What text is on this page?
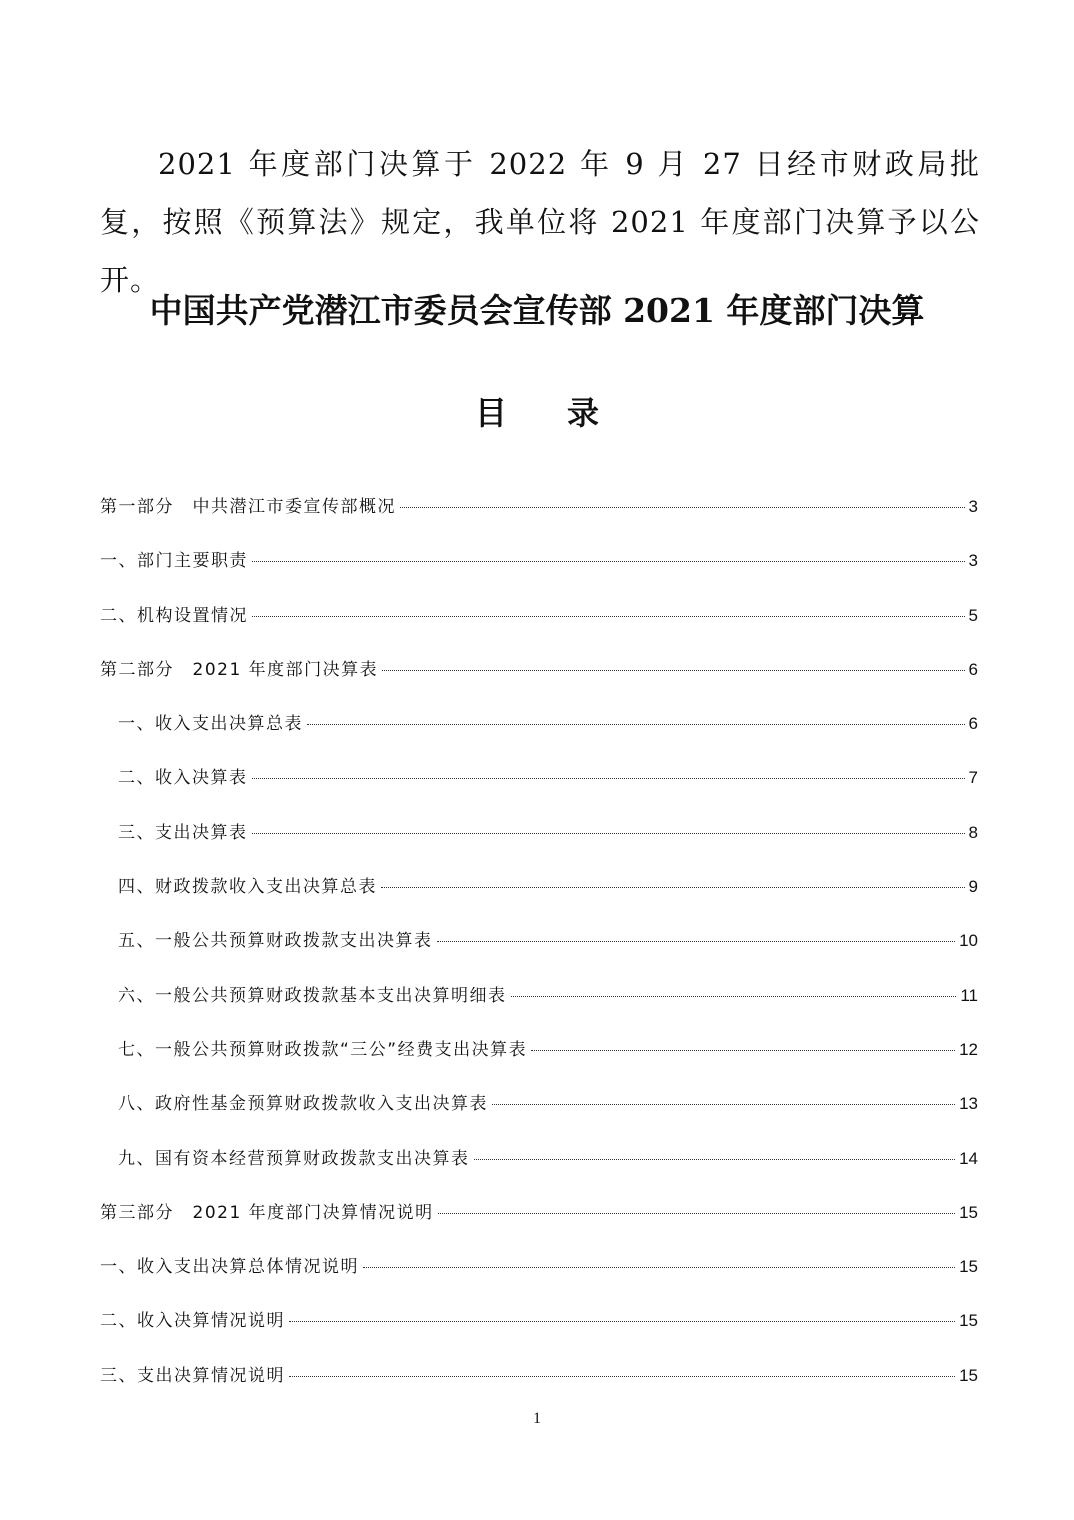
2021 年度部门决算于 2022 年 9 月 27 日经市财政局批复，按照《预算法》规定，我单位将 2021 年度部门决算予以公开。

中国共产党潜江市委员会宣传部 2021 年度部门决算
目录
第一部分　中共潜江市委宣传部概况	3
一、部门主要职责	3
二、机构设置情况	5
第二部分　2021 年度部门决算表	6
一、收入支出决算总表	6
二、收入决算表	7
三、支出决算表	8
四、财政拨款收入支出决算总表	9
五、一般公共预算财政拨款支出决算表	10
六、一般公共预算财政拨款基本支出决算明细表	11
七、一般公共预算财政拨款“三公”经费支出决算表	12
八、政府性基金预算财政拨款收入支出决算表	13
九、国有资本经营预算财政拨款支出决算表	14
第三部分　2021 年度部门决算情况说明	15
一、收入支出决算总体情况说明	15
二、收入决算情况说明	15
三、支出决算情况说明	15
1
